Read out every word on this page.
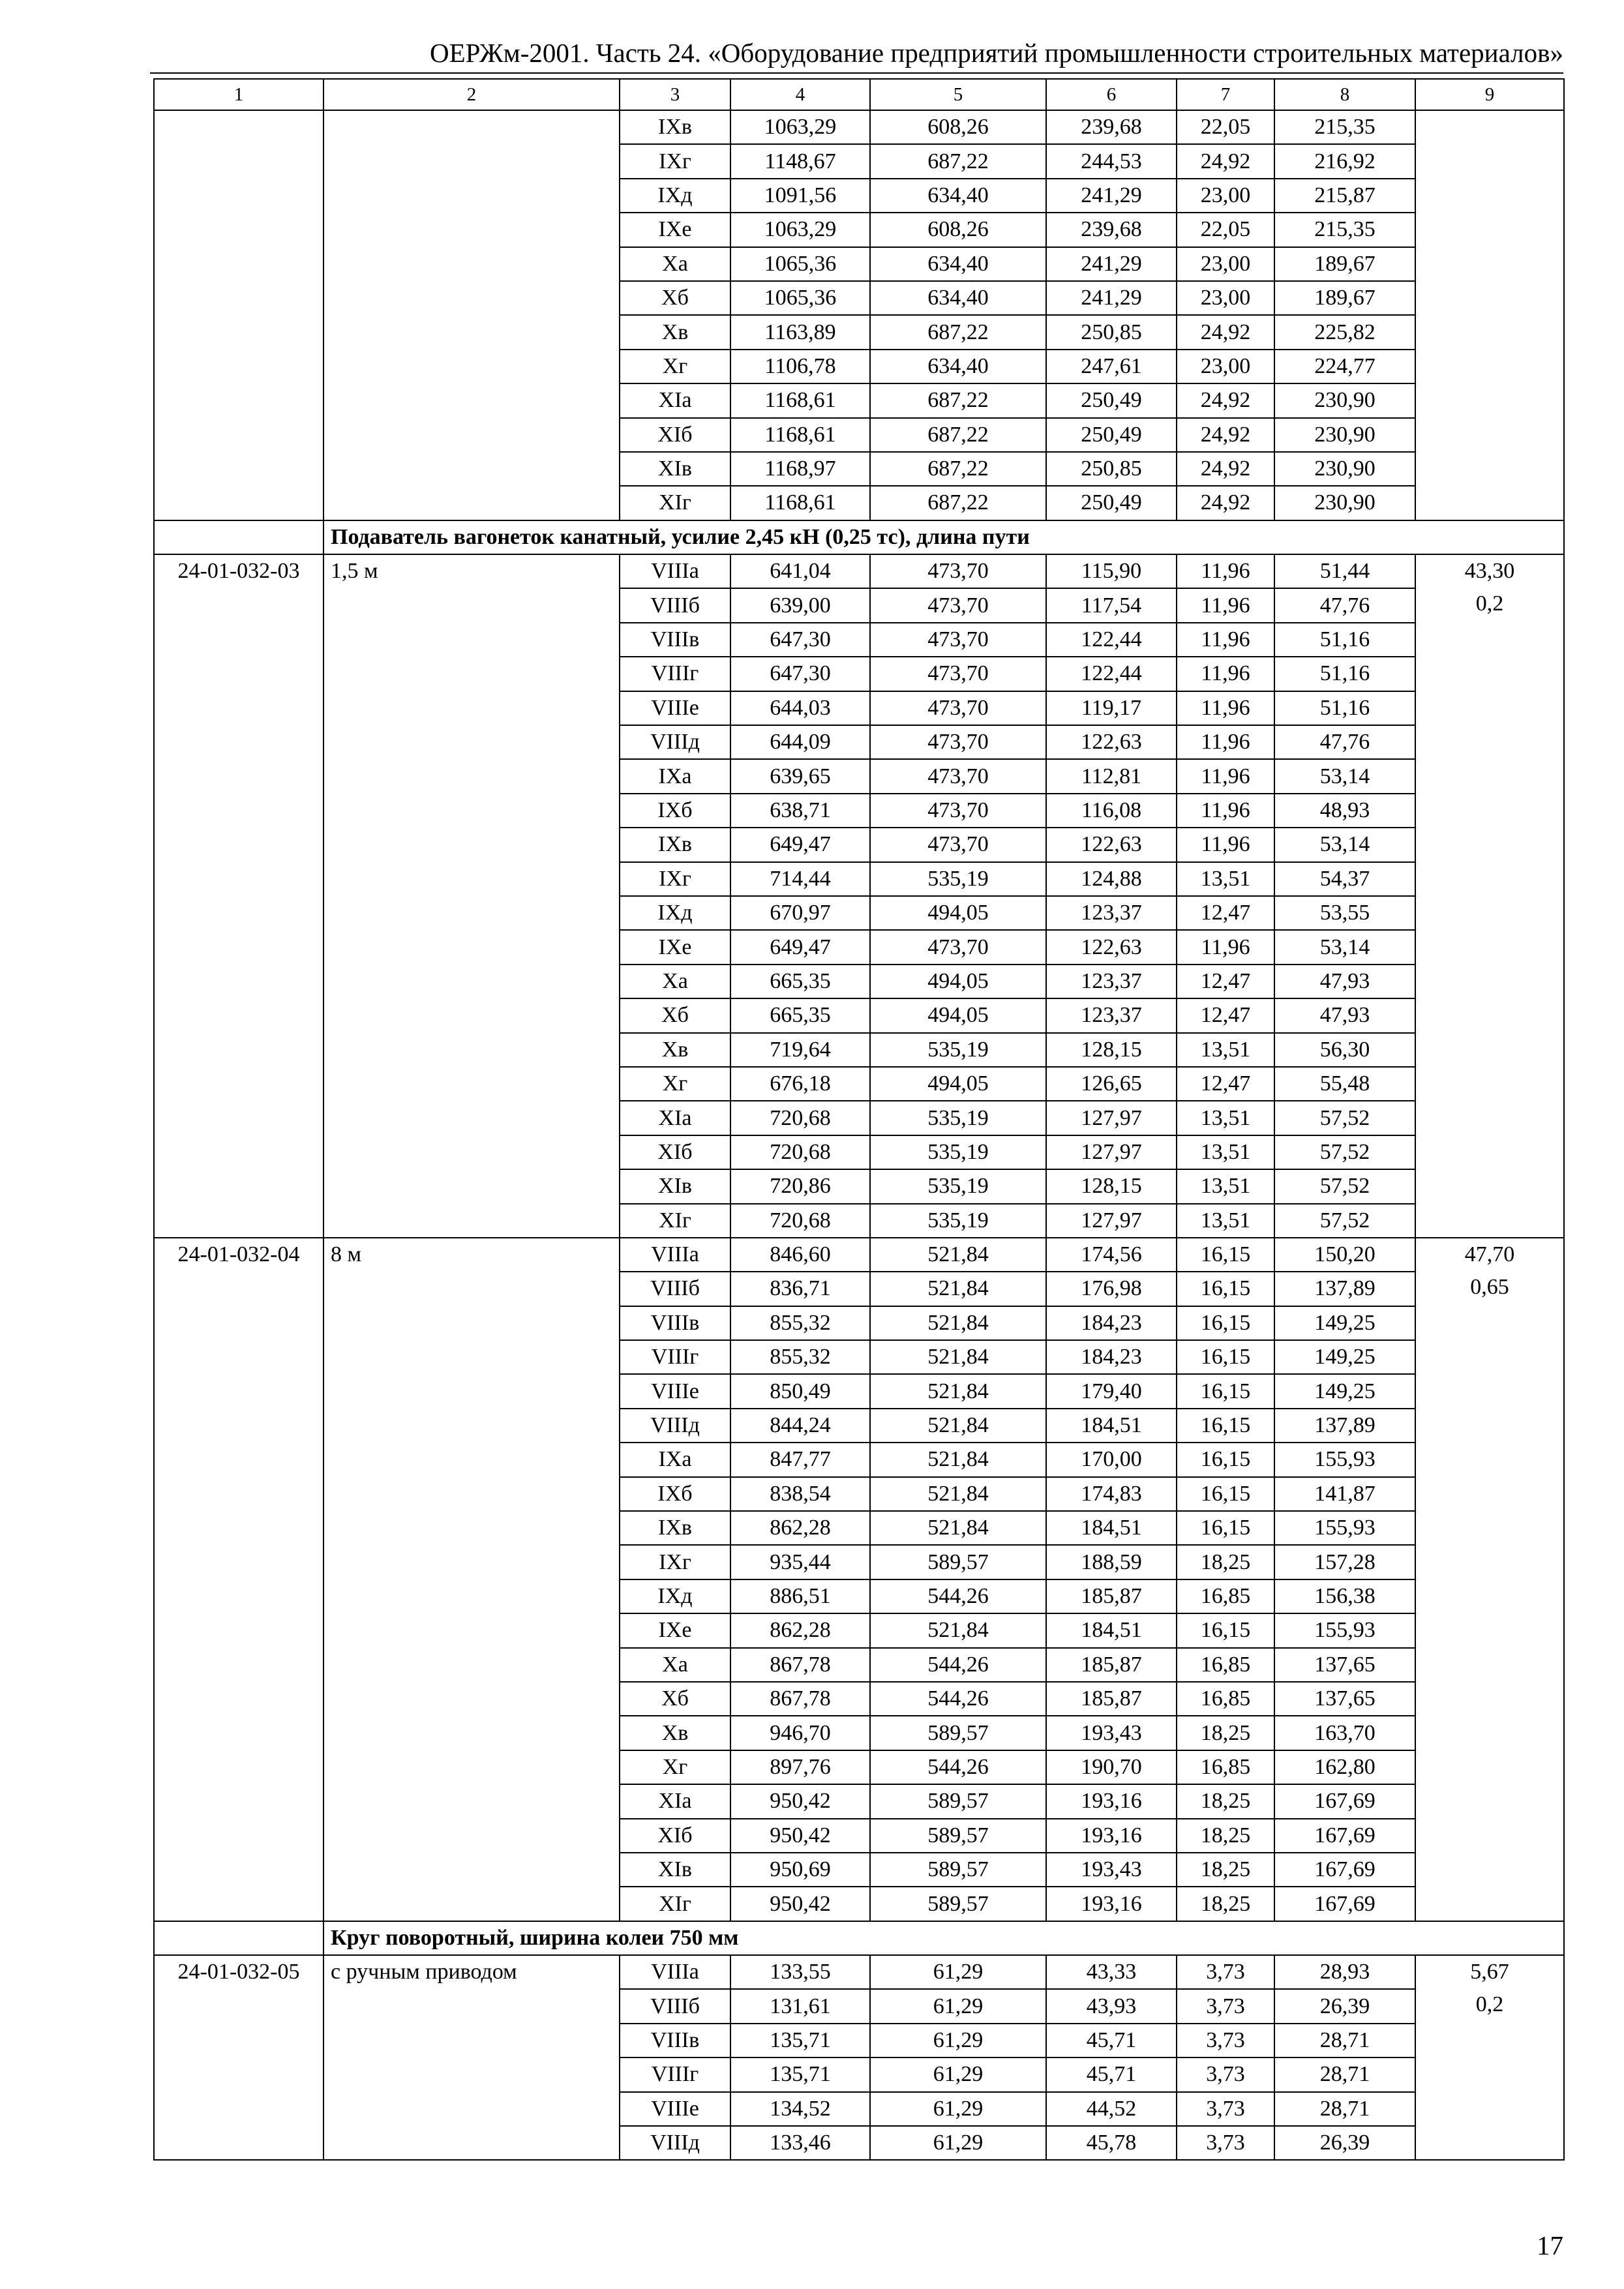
ОЕРЖм-2001. Часть 24. «Оборудование предприятий промышленности строительных материалов»
1	2	3	4	5	6	7	8	9
		IXв	1063,29	608,26	239,68	22,05	215,35	
		IXг	1148,67	687,22	244,53	24,92	216,92	
		IXд	1091,56	634,40	241,29	23,00	215,87	
		IXе	1063,29	608,26	239,68	22,05	215,35	
		Xа	1065,36	634,40	241,29	23,00	189,67	
		Xб	1065,36	634,40	241,29	23,00	189,67	
		Xв	1163,89	687,22	250,85	24,92	225,82	
		Xг	1106,78	634,40	247,61	23,00	224,77	
		XIа	1168,61	687,22	250,49	24,92	230,90	
		XIб	1168,61	687,22	250,49	24,92	230,90	
		XIв	1168,97	687,22	250,85	24,92	230,90	
		XIг	1168,61	687,22	250,49	24,92	230,90	
	Подаватель вагонеток канатный, усилие 2,45 кН (0,25 тс), длина пути							
24-01-032-03	1,5 м	VIIIа	641,04	473,70	115,90	11,96	51,44	43,30
0,2

		VIIIб	639,00	473,70	117,54	11,96	47,76	
		VIIIв	647,30	473,70	122,44	11,96	51,16	
		VIIIг	647,30	473,70	122,44	11,96	51,16	
		VIIIе	644,03	473,70	119,17	11,96	51,16	
		VIIIд	644,09	473,70	122,63	11,96	47,76	
		IXа	639,65	473,70	112,81	11,96	53,14	
		IXб	638,71	473,70	116,08	11,96	48,93	
		IXв	649,47	473,70	122,63	11,96	53,14	
		IXг	714,44	535,19	124,88	13,51	54,37	
		IXд	670,97	494,05	123,37	12,47	53,55	
		IXе	649,47	473,70	122,63	11,96	53,14	
		Xа	665,35	494,05	123,37	12,47	47,93	
		Xб	665,35	494,05	123,37	12,47	47,93	
		Xв	719,64	535,19	128,15	13,51	56,30	
		Xг	676,18	494,05	126,65	12,47	55,48	
		XIа	720,68	535,19	127,97	13,51	57,52	
		XIб	720,68	535,19	127,97	13,51	57,52	
		XIв	720,86	535,19	128,15	13,51	57,52	
		XIг	720,68	535,19	127,97	13,51	57,52	
24-01-032-04	8 м	VIIIа	846,60	521,84	174,56	16,15	150,20	47,70
0,65

		VIIIб	836,71	521,84	176,98	16,15	137,89	
		VIIIв	855,32	521,84	184,23	16,15	149,25	
		VIIIг	855,32	521,84	184,23	16,15	149,25	
		VIIIе	850,49	521,84	179,40	16,15	149,25	
		VIIIд	844,24	521,84	184,51	16,15	137,89	
		IXа	847,77	521,84	170,00	16,15	155,93	
		IXб	838,54	521,84	174,83	16,15	141,87	
		IXв	862,28	521,84	184,51	16,15	155,93	
		IXг	935,44	589,57	188,59	18,25	157,28	
		IXд	886,51	544,26	185,87	16,85	156,38	
		IXе	862,28	521,84	184,51	16,15	155,93	
		Xа	867,78	544,26	185,87	16,85	137,65	
		Xб	867,78	544,26	185,87	16,85	137,65	
		Xв	946,70	589,57	193,43	18,25	163,70	
		Xг	897,76	544,26	190,70	16,85	162,80	
		XIа	950,42	589,57	193,16	18,25	167,69	
		XIб	950,42	589,57	193,16	18,25	167,69	
		XIв	950,69	589,57	193,43	18,25	167,69	
		XIг	950,42	589,57	193,16	18,25	167,69	
	Круг поворотный, ширина колеи 750 мм							
24-01-032-05	с ручным приводом	VIIIа	133,55	61,29	43,33	3,73	28,93	5,67
0,2

		VIIIб	131,61	61,29	43,93	3,73	26,39	
		VIIIв	135,71	61,29	45,71	3,73	28,71	
		VIIIг	135,71	61,29	45,71	3,73	28,71	
		VIIIе	134,52	61,29	44,52	3,73	28,71	
		VIIIд	133,46	61,29	45,78	3,73	26,39	
17
